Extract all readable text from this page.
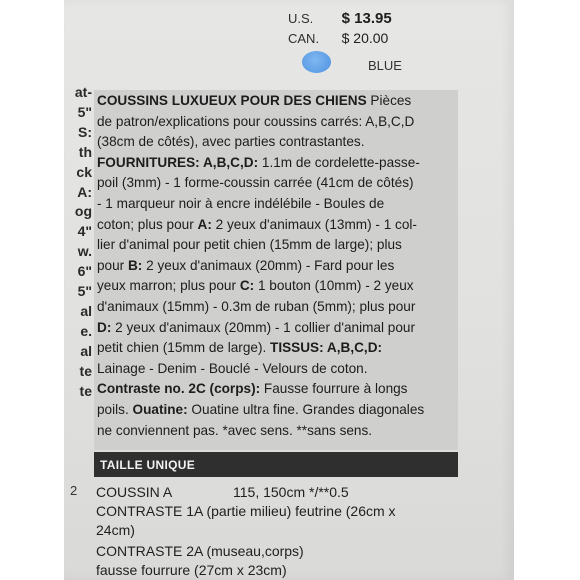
U.S. $ 13.95
CAN. $ 20.00
BLUE
at-
5"
S:
th
ck
A:
og
4"
w.
6"
5"
al
e.
al
te
te
COUSSINS LUXUEUX POUR DES CHIENS Pièces
de patron/explications pour coussins carrés: A,B,C,D
(38cm de côtés), avec parties contrastantes.
FOURNITURES: A,B,C,D: 1.1m de cordelette-passe-
poil (3mm) - 1 forme-coussin carrée (41cm de côtés)
- 1 marqueur noir à encre indélébile - Boules de
coton; plus pour A: 2 yeux d'animaux (13mm) - 1 col-
lier d'animal pour petit chien (15mm de large); plus
pour B: 2 yeux d'animaux (20mm) - Fard pour les
yeux marron; plus pour C: 1 bouton (10mm) - 2 yeux
d'animaux (15mm) - 0.3m de ruban (5mm); plus pour
D: 2 yeux d'animaux (20mm) - 1 collier d'animal pour
petit chien (15mm de large). TISSUS: A,B,C,D:
Lainage - Denim - Bouclé - Velours de coton.
Contraste no. 2C (corps): Fausse fourrure à longs
poils. Ouatine: Ouatine ultra fine. Grandes diagonales
ne conviennent pas. *avec sens. **sans sens.
TAILLE UNIQUE
2 COUSSIN A	115, 150cm */**0.5
CONTRASTE 1A (partie milieu) feutrine (26cm x
24cm)
CONTRASTE 2A (museau,corps)
fausse fourrure (27cm x 23cm)
